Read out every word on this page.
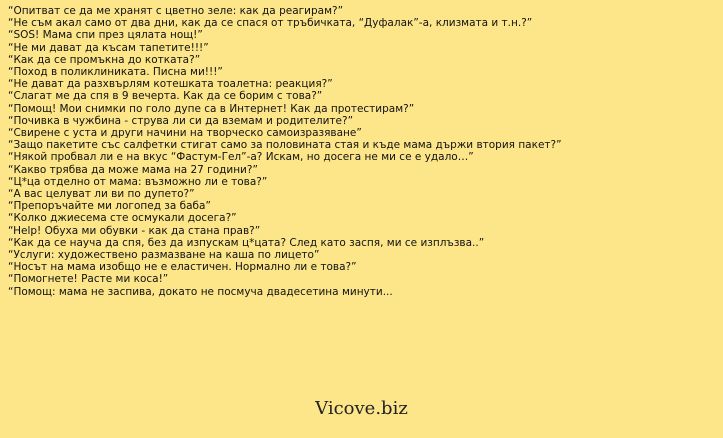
“Опитват се да ме хранят с цветно зеле: как да реагирам?”

“Не съм акал само от два дни, как да се спася от тръбичката, “Дуфалак”-а, клизмата и т.н.?”

“SOS! Мама спи през цялата нощ!”

“Не ми дават да късам тапетите!!!”

“Как да се промъкна до котката?”

“Поход в поликлиниката. Писна ми!!!”

“Не дават да разхвърлям котешката тоалетна: реакция?”

“Слагат ме да спя в 9 вечерта. Как да се борим с това?”

“Помощ! Мои снимки по голо дупе са в Интернет! Как да протестирам?”

“Почивка в чужбина - струва ли си да вземам и родителите?”

“Свирене с уста и други начини на творческо самоизразяване”

“Защо пакетите със салфетки стигат само за половината стая и къде мама държи втория пакет?”

“Някой пробвал ли е на вкус “Фастум-Гел”-а? Искам, но досега не ми се е удало…”

“Какво трябва да може мама на 27 години?”

“Ц*ца отделно от мама: възможно ли е това?”

“А вас целуват ли ви по дупето?”

“Препоръчайте ми логопед за баба”

“Колко джиесема сте осмукали досега?”

“Help! Обуха ми обувки - как да стана прав?”

“Как да се науча да спя, без да изпускам ц*цата? След като заспя, ми се изплъзва..”

“Услуги: художествено размазване на каша по лицето”

“Носът на мама изобщо не е еластичен. Нормално ли е това?”

“Помогнете! Расте ми коса!”

“Помощ: мама не заспива, докато не посмуча двадесетина минути...

Vicove.biz
